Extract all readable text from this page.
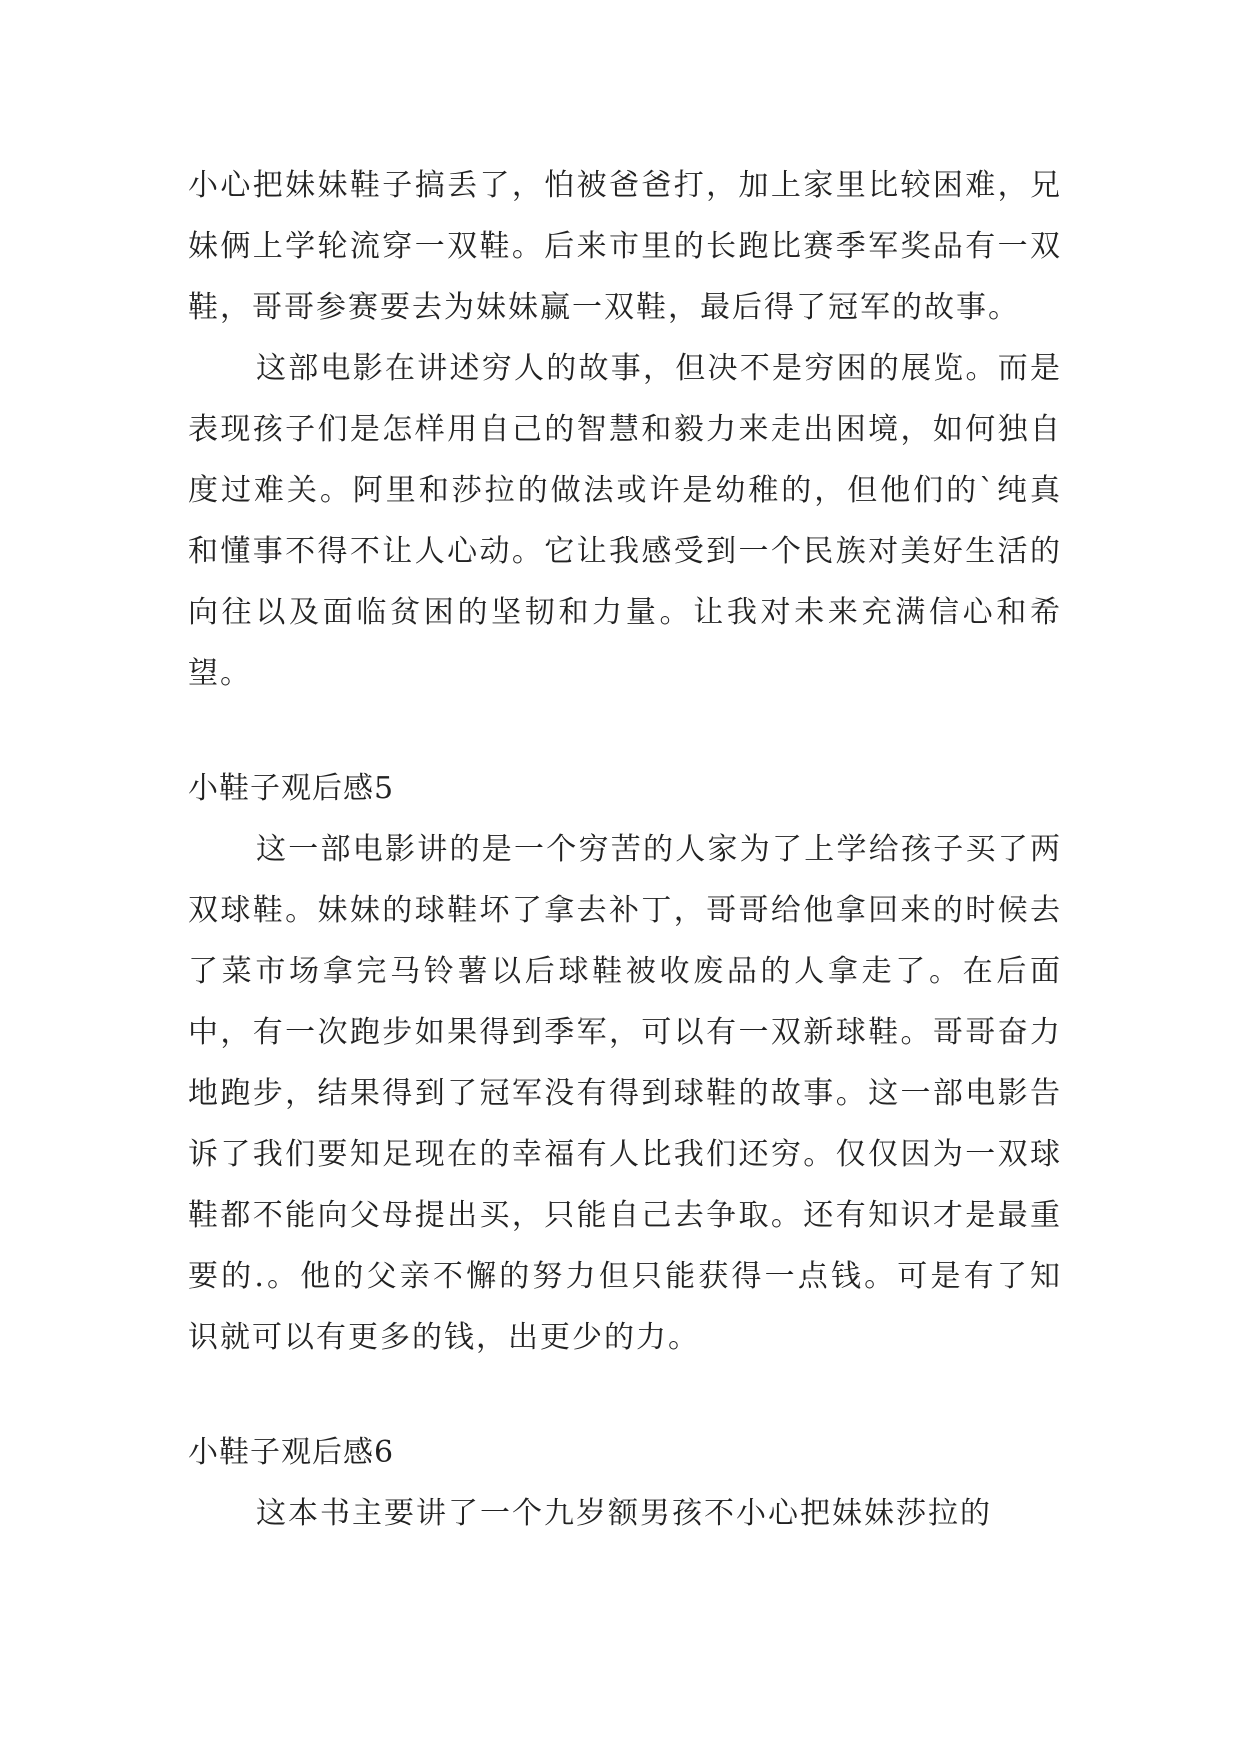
小心把妹妹鞋子搞丢了，怕被爸爸打，加上家里比较困难，兄妹俩上学轮流穿一双鞋。后来市里的长跑比赛季军奖品有一双鞋，哥哥参赛要去为妹妹赢一双鞋，最后得了冠军的故事。

这部电影在讲述穷人的故事，但决不是穷困的展览。而是表现孩子们是怎样用自己的智慧和毅力来走出困境，如何独自度过难关。阿里和莎拉的做法或许是幼稚的，但他们的`纯真和懂事不得不让人心动。它让我感受到一个民族对美好生活的向往以及面临贫困的坚韧和力量。让我对未来充满信心和希望。

小鞋子观后感5

这一部电影讲的是一个穷苦的人家为了上学给孩子买了两双球鞋。妹妹的球鞋坏了拿去补丁，哥哥给他拿回来的时候去了菜市场拿完马铃薯以后球鞋被收废品的人拿走了。在后面中，有一次跑步如果得到季军，可以有一双新球鞋。哥哥奋力地跑步，结果得到了冠军没有得到球鞋的故事。这一部电影告诉了我们要知足现在的幸福有人比我们还穷。仅仅因为一双球鞋都不能向父母提出买，只能自己去争取。还有知识才是最重要的.。他的父亲不懈的努力但只能获得一点钱。可是有了知识就可以有更多的钱，出更少的力。

小鞋子观后感6

这本书主要讲了一个九岁额男孩不小心把妹妹莎拉的
